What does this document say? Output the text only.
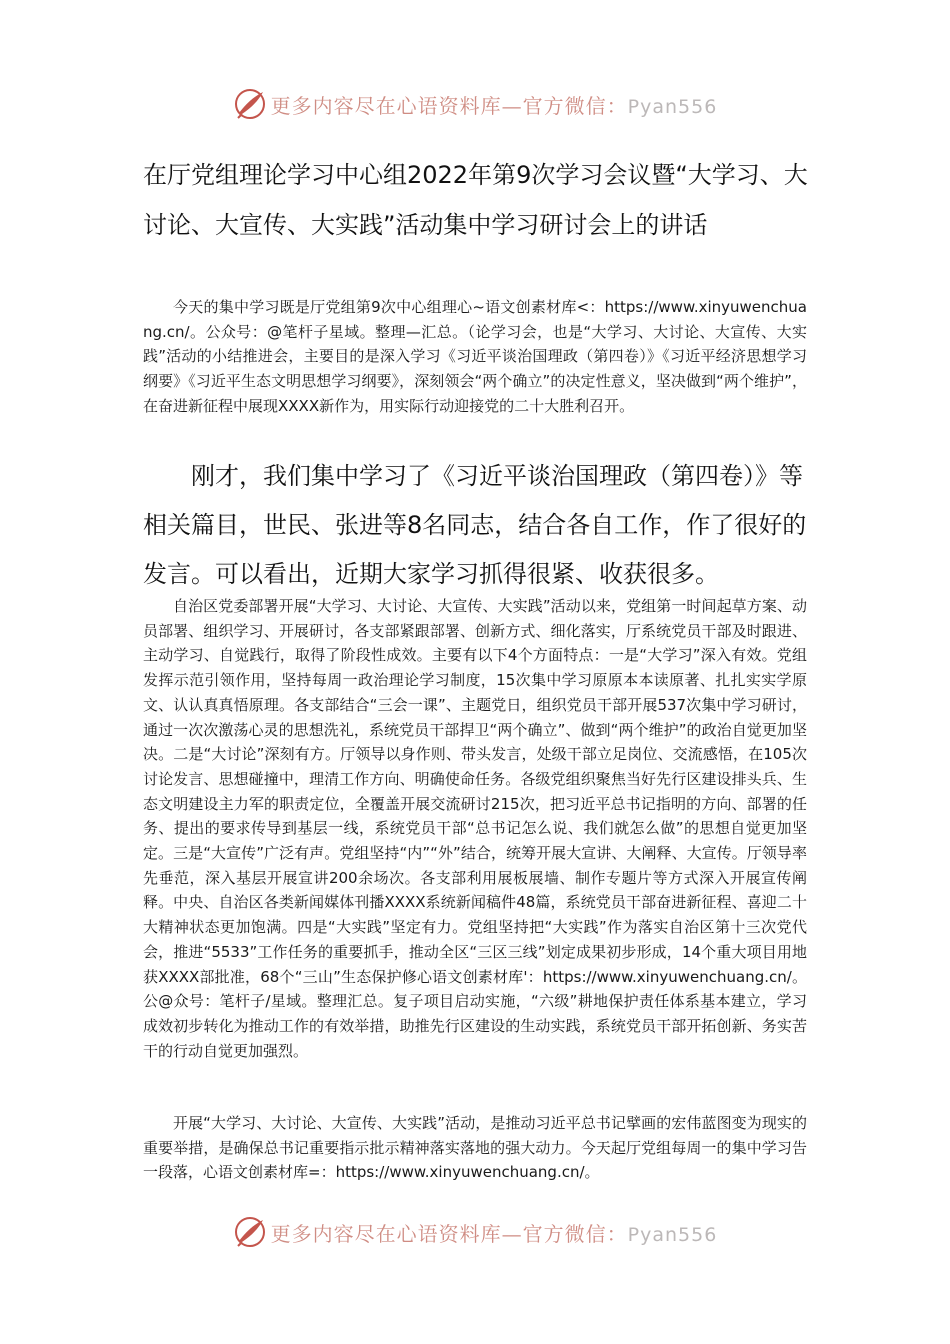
更多内容尽在心语资料库—官方微信：Pyan556
在厅党组理论学习中心组2022年第9次学习会议暨“大学习、大讨论、大宣传、大实践”活动集中学习研讨会上的讲话

今天的集中学习既是厅党组第9次中心组理心~语文创素材库<：https://www.xinyuwenchuang.cn/。公众号：@笔杆子星域。整理—汇总。（论学习会，也是“大学习、大讨论、大宣传、大实践”活动的小结推进会，主要目的是深入学习《习近平谈治国理政（第四卷）》《习近平经济思想学习纲要》《习近平生态文明思想学习纲要》，深刻领会“两个确立”的决定性意义，坚决做到“两个维护”，在奋进新征程中展现XXXX新作为，用实际行动迎接党的二十大胜利召开。

刚才，我们集中学习了《习近平谈治国理政（第四卷）》等相关篇目，世民、张进等8名同志，结合各自工作，作了很好的发言。可以看出，近期大家学习抓得很紧、收获很多。

自治区党委部署开展“大学习、大讨论、大宣传、大实践”活动以来，党组第一时间起草方案、动员部署、组织学习、开展研讨，各支部紧跟部署、创新方式、细化落实，厅系统党员干部及时跟进、主动学习、自觉践行，取得了阶段性成效。主要有以下4个方面特点：一是“大学习”深入有效。党组发挥示范引领作用，坚持每周一政治理论学习制度，15次集中学习原原本本读原著、扎扎实实学原文、认认真真悟原理。各支部结合“三会一课”、主题党日，组织党员干部开展537次集中学习研讨，通过一次次激荡心灵的思想洗礼，系统党员干部捍卫“两个确立”、做到“两个维护”的政治自觉更加坚决。二是“大讨论”深刻有方。厅领导以身作则、带头发言，处级干部立足岗位、交流感悟，在105次讨论发言、思想碰撞中，理清工作方向、明确使命任务。各级党组织聚焦当好先行区建设排头兵、生态文明建设主力军的职责定位，全覆盖开展交流研讨215次，把习近平总书记指明的方向、部署的任务、提出的要求传导到基层一线，系统党员干部“总书记怎么说、我们就怎么做”的思想自觉更加坚定。三是“大宣传”广泛有声。党组坚持“内”“外”结合，统筹开展大宣讲、大阐释、大宣传。厅领导率先垂范，深入基层开展宣讲200余场次。各支部利用展板展墙、制作专题片等方式深入开展宣传阐释。中央、自治区各类新闻媒体刊播XXXX系统新闻稿件48篇，系统党员干部奋进新征程、喜迎二十大精神状态更加饱满。四是“大实践”坚定有力。党组坚持把“大实践”作为落实自治区第十三次党代会，推进“5533”工作任务的重要抓手，推动全区“三区三线”划定成果初步形成，14个重大项目用地获XXXX部批准，68个“三山”生态保护修心语文创素材库'：https://www.xinyuwenchuang.cn/。公@众号：笔杆子/星域。整理汇总。复子项目启动实施，“六级”耕地保护责任体系基本建立，学习成效初步转化为推动工作的有效举措，助推先行区建设的生动实践，系统党员干部开拓创新、务实苦干的行动自觉更加强烈。

开展“大学习、大讨论、大宣传、大实践”活动，是推动习近平总书记擘画的宏伟蓝图变为现实的重要举措，是确保总书记重要指示批示精神落实落地的强大动力。今天起厅党组每周一的集中学习告一段落，心语文创素材库=：https://www.xinyuwenchuang.cn/。

更多内容尽在心语资料库—官方微信：Pyan556
